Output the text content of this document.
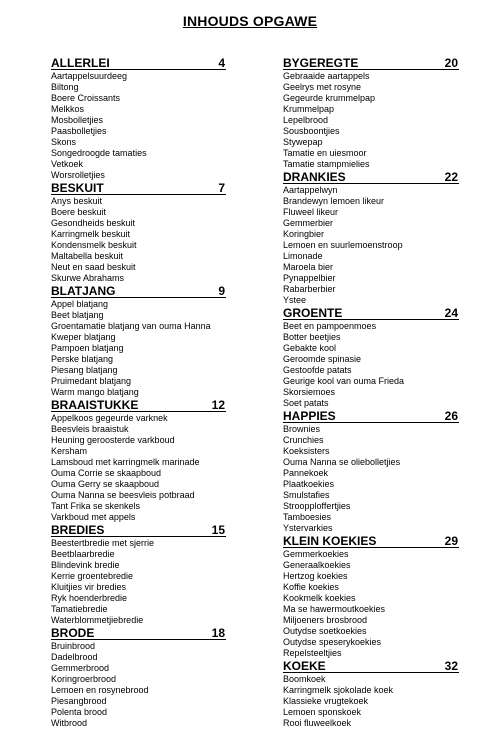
INHOUDS OPGAWE
ALLERLEI	4
Aartappelsuurdeeg
Biltong
Boere Croissants
Melkkos
Mosbolletjies
Paasbolletjies
Skons
Songedroogde tamaties
Vetkoek
Worsrolletjies
BESKUIT	7
Anys beskuit
Boere beskuit
Gesondheids beskuit
Karringmelk beskuit
Kondensmelk beskuit
Maltabella beskuit
Neut en saad beskuit
Skurwe Abrahams
BLATJANG	9
Appel blatjang
Beet blatjang
Groentamatie blatjang van ouma Hanna
Kweper blatjang
Pampoen blatjang
Perske blatjang
Piesang blatjang
Pruimedant blatjang
Warm mango blatjang
BRAAISTUKKE	12
Appelkoos gegeurde varknek
Beesvleis braaistuk
Heuning geroosterde varkboud
Kersham
Lamsboud met karringmelk marinade
Ouma Corrie se skaapboud
Ouma Gerry se skaapboud
Ouma Nanna se beesvleis potbraad
Tant Frika se skenkels
Varkboud met appels
BREDIES	15
Beestertbredie met sjerrie
Beetblaarbredie
Blindevink bredie
Kerrie groentebredie
Kluitjies vir bredies
Ryk hoenderbredie
Tamatiebredie
Waterblommetjiebredie
BRODE	18
Bruinbrood
Dadelbrood
Gemmerbrood
Koringroerbrood
Lemoen en rosynebrood
Piesangbrood
Polenta brood
Witbrood
BYGEREGTE	20
Gebraaide aartappels
Geelrys met rosyne
Gegeurde krummelpap
Krummelpap
Lepelbrood
Sousboontjies
Stywepap
Tamatie en uiesmoor
Tamatie stampmielies
DRANKIES	22
Aartappelwyn
Brandewyn lemoen likeur
Fluweel likeur
Gemmerbier
Koringbier
Lemoen en suurlemoenstroop
Limonade
Maroela bier
Pynappelbier
Rabarberbier
Ystee
GROENTE	24
Beet en pampoenmoes
Botter beetjies
Gebakte kool
Geroomde spinasie
Gestoofde patats
Geurige kool van ouma Frieda
Skorsiemoes
Soet patats
HAPPIES	26
Brownies
Crunchies
Koeksisters
Ouma Nanna se oliebolletjies
Pannekoek
Plaatkoekies
Smulstafies
Stroopploffertjies
Tamboesies
Ystervarkies
KLEIN KOEKIES	29
Gemmerkoekies
Generaalkoekies
Hertzog koekies
Koffie koekies
Kookmelk koekies
Ma se hawermoutkoekies
Miljoeners brosbrood
Outydse soetkoekies
Outydse speserykoekies
Repelsteeltjies
KOEKE	32
Boomkoek
Karringmelk sjokolade koek
Klassieke vrugtekoek
Lemoen sponskoek
Rooi fluweelkoek
